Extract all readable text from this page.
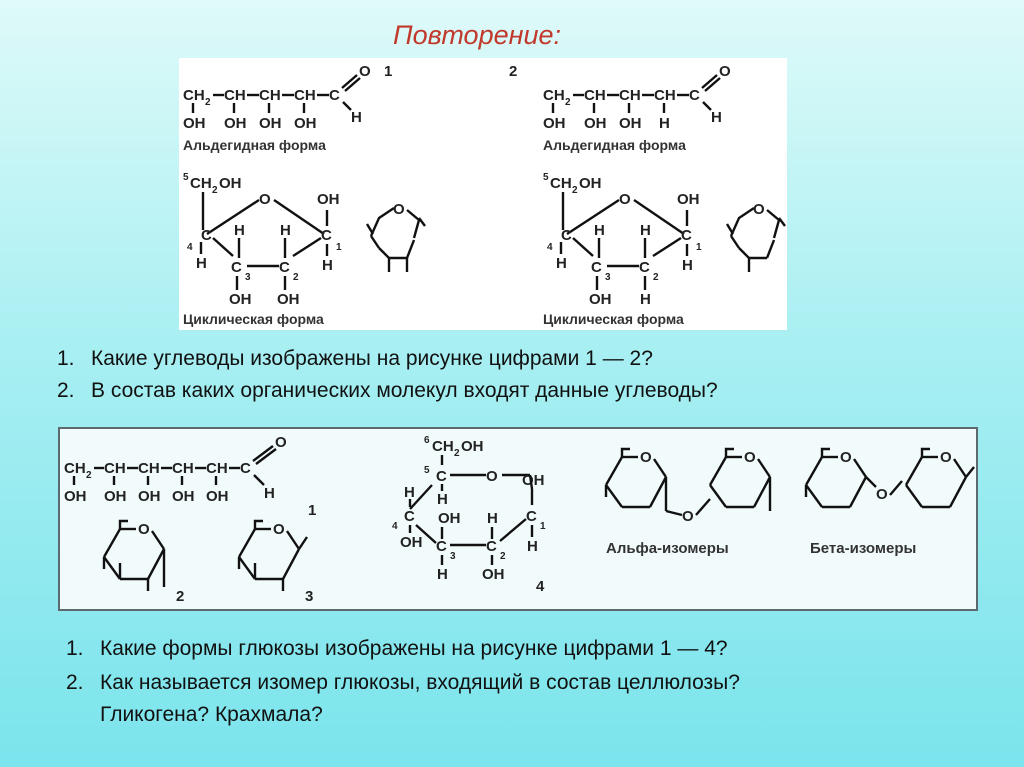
Повторение:
CH 2 CH CH CH C
O
H
OH OH OH OH
1
Альдегидная форма
5 CH 2 OH
O
C
4
H C
3
H
OH
C
2
H
OH
C
1
OH
H
O
Циклическая форма
CH 2 CH CH CH C
O
H
OH OH OH H
2
Альдегидная форма
5 CH 2 OH
O
C
4
H C
3
H
OH
C
2
H
H
C
1
OH
H
O
Циклическая форма
1. Какие углеводы изображены на рисунке цифрами 1 — 2?
2. В состав каких органических молекул входят данные углеводы?
CH 2 CH CH CH CH C
O
H
OH OH OH OH OH
1
O
2
O
3
6 CH 2 OH
5 C
H
O
C
4
H
OH C
3
OH
H
C
2
H
OH
C
1
OH
H
4
O
O
O
Альфа-изомеры
O
O
O
Бета-изомеры
1. Какие формы глюкозы изображены на рисунке цифрами 1 — 4?
2. Как называется изомер глюкозы, входящий в состав целлюлозы?
Гликогена? Крахмала?
